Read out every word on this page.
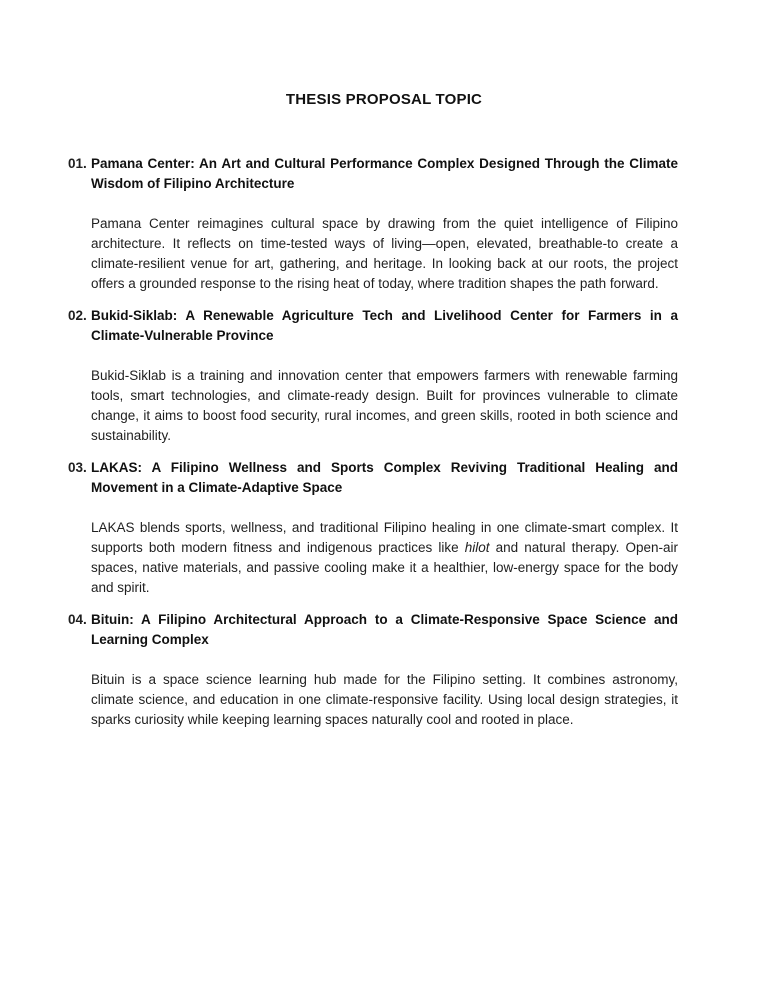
THESIS PROPOSAL TOPIC
01. Pamana Center: An Art and Cultural Performance Complex Designed Through the Climate Wisdom of Filipino Architecture

Pamana Center reimagines cultural space by drawing from the quiet intelligence of Filipino architecture. It reflects on time-tested ways of living—open, elevated, breathable-to create a climate-resilient venue for art, gathering, and heritage. In looking back at our roots, the project offers a grounded response to the rising heat of today, where tradition shapes the path forward.

02. Bukid-Siklab: A Renewable Agriculture Tech and Livelihood Center for Farmers in a Climate-Vulnerable Province

Bukid-Siklab is a training and innovation center that empowers farmers with renewable farming tools, smart technologies, and climate-ready design. Built for provinces vulnerable to climate change, it aims to boost food security, rural incomes, and green skills, rooted in both science and sustainability.

03. LAKAS: A Filipino Wellness and Sports Complex Reviving Traditional Healing and Movement in a Climate-Adaptive Space

LAKAS blends sports, wellness, and traditional Filipino healing in one climate-smart complex. It supports both modern fitness and indigenous practices like hilot and natural therapy. Open-air spaces, native materials, and passive cooling make it a healthier, low-energy space for the body and spirit.

04. Bituin: A Filipino Architectural Approach to a Climate-Responsive Space Science and Learning Complex

Bituin is a space science learning hub made for the Filipino setting. It combines astronomy, climate science, and education in one climate-responsive facility. Using local design strategies, it sparks curiosity while keeping learning spaces naturally cool and rooted in place.
